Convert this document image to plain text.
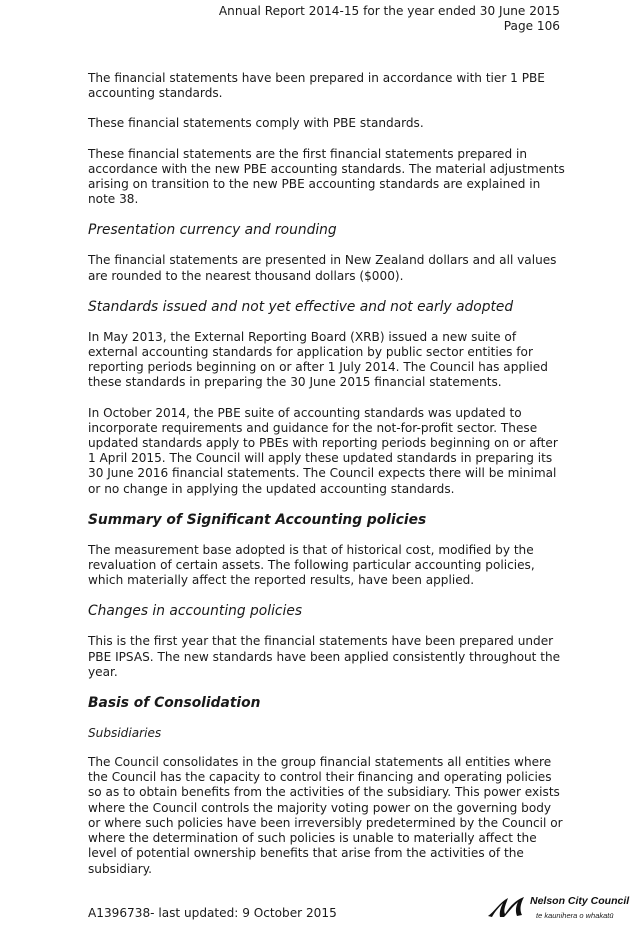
Annual Report 2014-15 for the year ended 30 June 2015
Page 106

The financial statements have been prepared in accordance with tier 1 PBE accounting standards.

These financial statements comply with PBE standards.

These financial statements are the first financial statements prepared in accordance with the new PBE accounting standards. The material adjustments arising on transition to the new PBE accounting standards are explained in note 38.

Presentation currency and rounding

The financial statements are presented in New Zealand dollars and all values are rounded to the nearest thousand dollars ($000).

Standards issued and not yet effective and not early adopted

In May 2013, the External Reporting Board (XRB) issued a new suite of external accounting standards for application by public sector entities for reporting periods beginning on or after 1 July 2014. The Council has applied these standards in preparing the 30 June 2015 financial statements.

In October 2014, the PBE suite of accounting standards was updated to incorporate requirements and guidance for the not-for-profit sector. These updated standards apply to PBEs with reporting periods beginning on or after 1 April 2015. The Council will apply these updated standards in preparing its 30 June 2016 financial statements. The Council expects there will be minimal or no change in applying the updated accounting standards.

Summary of Significant Accounting policies

The measurement base adopted is that of historical cost, modified by the revaluation of certain assets. The following particular accounting policies, which materially affect the reported results, have been applied.

Changes in accounting policies

This is the first year that the financial statements have been prepared under PBE IPSAS. The new standards have been applied consistently throughout the year.

Basis of Consolidation
Subsidiaries

The Council consolidates in the group financial statements all entities where the Council has the capacity to control their financing and operating policies so as to obtain benefits from the activities of the subsidiary. This power exists where the Council controls the majority voting power on the governing body or where such policies have been irreversibly predetermined by the Council or where the determination of such policies is unable to materially affect the level of potential ownership benefits that arise from the activities of the subsidiary.

A1396738- last updated: 9 October 2015
Nelson City Council
te kaunihera o whakatū
